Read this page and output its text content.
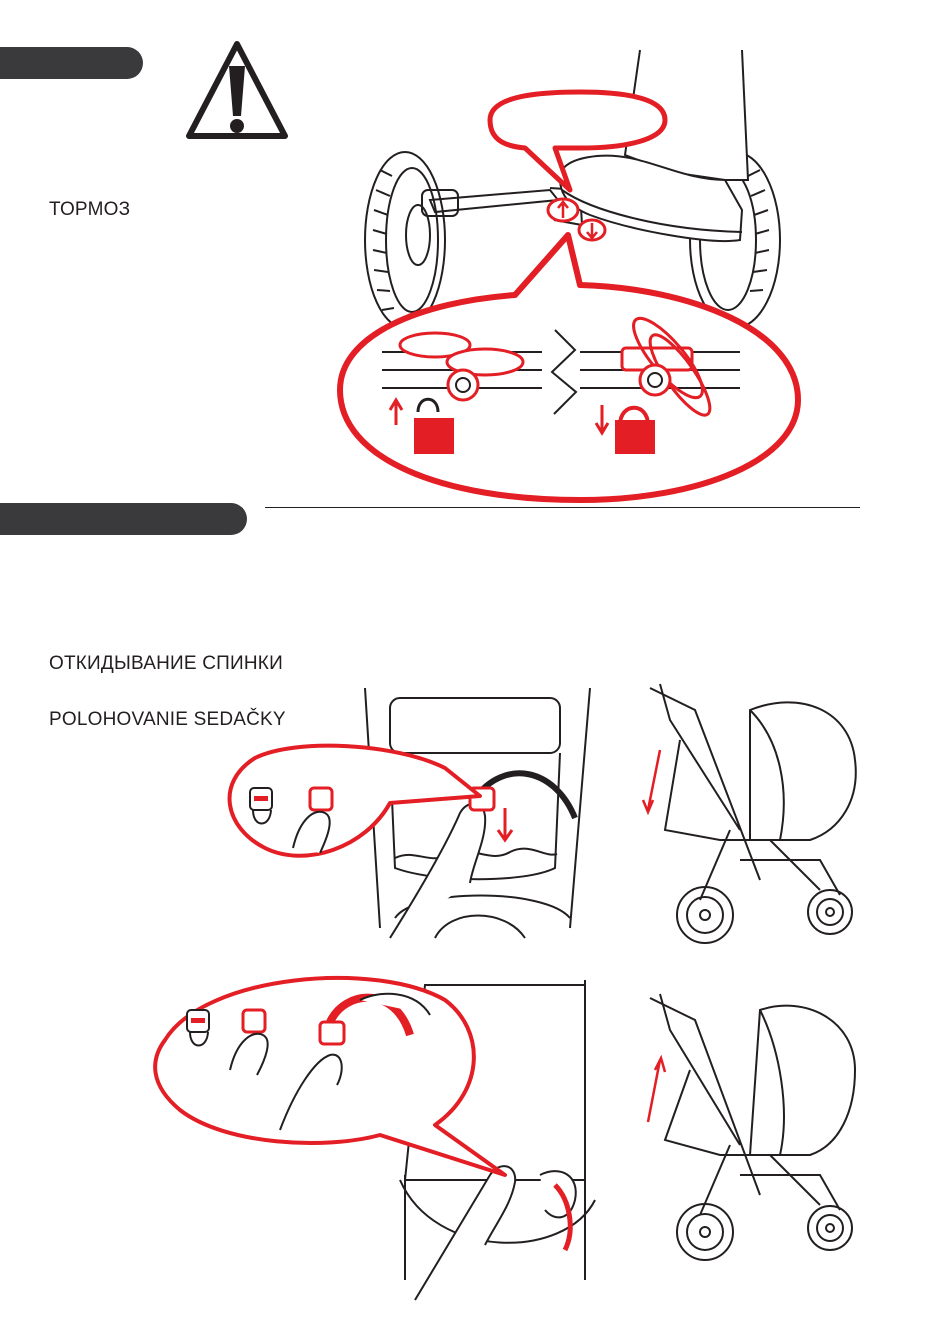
ТОРМОЗ
ОТКИДЫВАНИЕ СПИНКИ
POLOHOVANIE SEDAČKY
